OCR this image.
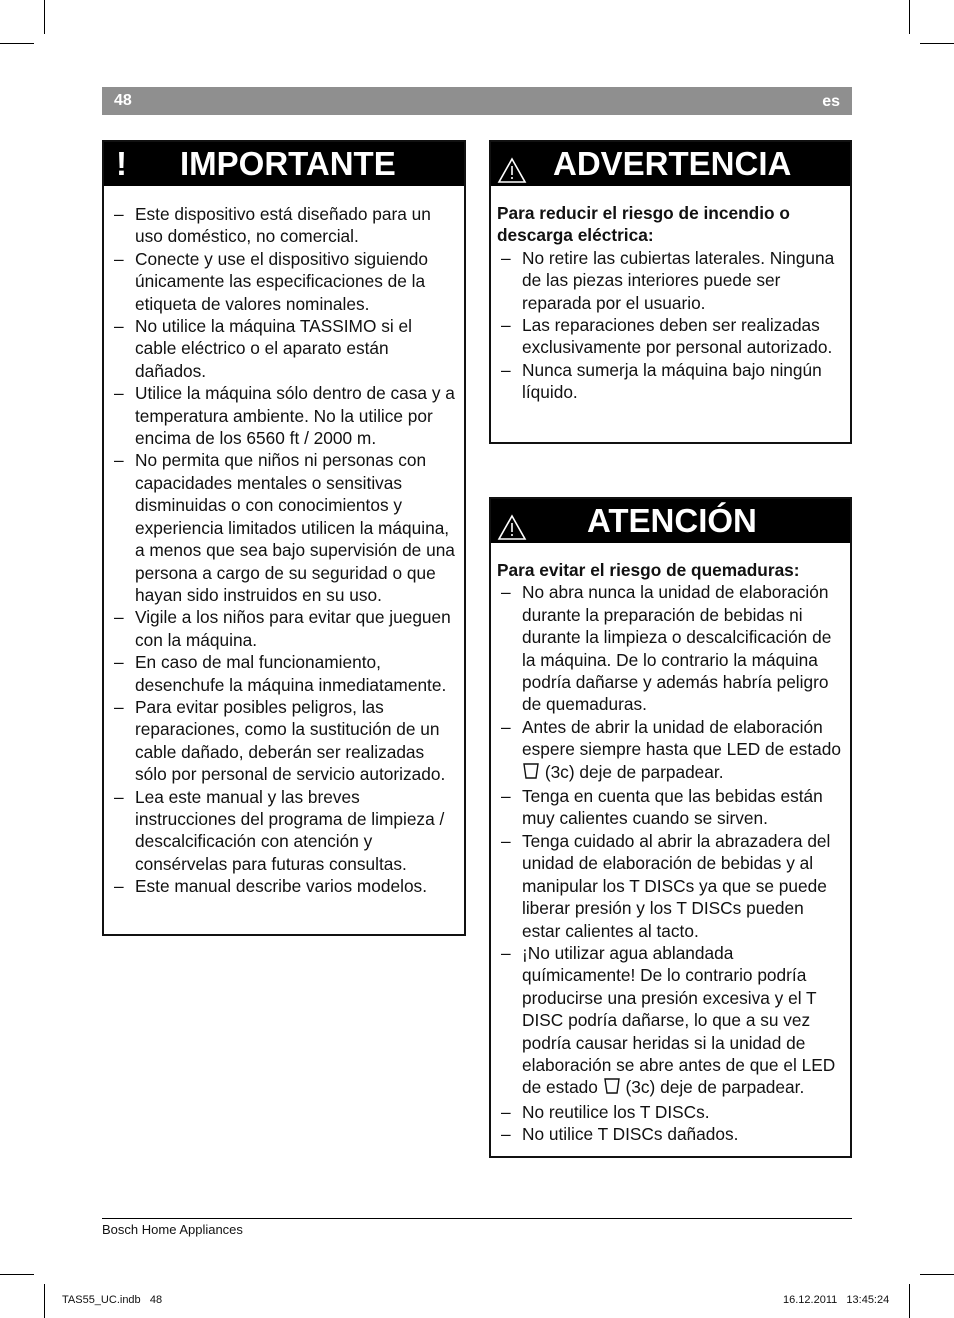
48	es
! IMPORTANTE
– Este dispositivo está diseñado para un uso doméstico, no comercial.
– Conecte y use el dispositivo siguiendo únicamente las especificaciones de la etiqueta de valores nominales.
– No utilice la máquina TASSIMO si el cable eléctrico o el aparato están dañados.
– Utilice la máquina sólo dentro de casa y a temperatura ambiente. No la utilice por encima de los 6560 ft / 2000 m.
– No permita que niños ni personas con capacidades mentales o sensitivas disminuidas o con conocimientos y experiencia limitados utilicen la máquina, a menos que sea bajo supervisión de una persona a cargo de su seguridad o que hayan sido instruidos en su uso.
– Vigile a los niños para evitar que jueguen con la máquina.
– En caso de mal funcionamiento, desenchufe la máquina inmediatamente.
– Para evitar posibles peligros, las reparaciones, como la sustitución de un cable dañado, deberán ser realizadas sólo por personal de servicio autorizado.
– Lea este manual y las breves instrucciones del programa de limpieza / descalcificación con atención y consérvelas para futuras consultas.
– Este manual describe varios modelos.
ADVERTENCIA

Para reducir el riesgo de incendio o descarga eléctrica:

– No retire las cubiertas laterales. Ninguna de las piezas interiores puede ser reparada por el usuario.
– Las reparaciones deben ser realizadas exclusivamente por personal autorizado.
– Nunca sumerja la máquina bajo ningún líquido.
ATENCIÓN

Para evitar el riesgo de quemaduras:

– No abra nunca la unidad de elaboración durante la preparación de bebidas ni durante la limpieza o descalcificación de la máquina. De lo contrario la máquina podría dañarse y además habría peligro de quemaduras.
– Antes de abrir la unidad de elaboración espere siempre hasta que LED de estado  (3c) deje de parpadear.
– Tenga en cuenta que las bebidas están muy calientes cuando se sirven.
– Tenga cuidado al abrir la abrazadera del unidad de elaboración de bebidas y al manipular los T DISCs ya que se puede liberar presión y los T DISCs pueden estar calientes al tacto.
– ¡No utilizar agua ablandada químicamente! De lo contrario podría producirse una presión excesiva y el T DISC podría dañarse, lo que a su vez podría causar heridas si la unidad de elaboración se abre antes de que el LED de estado (3c) deje de parpadear.
– No reutilice los T DISCs.
– No utilice T DISCs dañados.
Bosch Home Appliances
TAS55_UC.indb   48	16.12.2011   13:45:24
